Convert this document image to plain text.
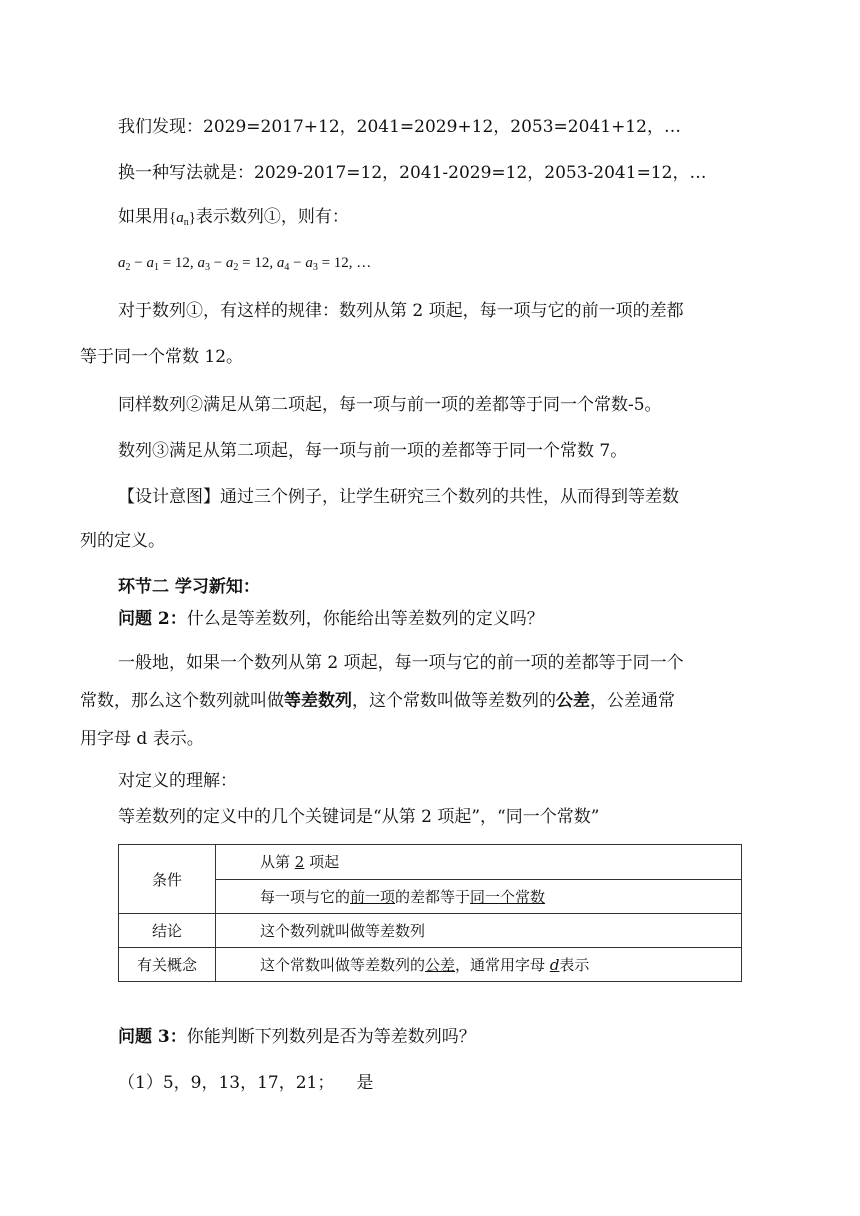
我们发现：2029=2017+12，2041=2029+12，2053=2041+12，…
换一种写法就是：2029-2017=12，2041-2029=12，2053-2041=12，…
如果用$\{a_n\}$表示数列①，则有：
$a_2 - a_1 = 12$, $a_3 - a_2 = 12$, $a_4 - a_3 = 12$, …
对于数列①，有这样的规律：数列从第 2 项起，每一项与它的前一项的差都
等于同一个常数 12。
同样数列②满足从第二项起，每一项与前一项的差都等于同一个常数-5。
数列③满足从第二项起，每一项与前一项的差都等于同一个常数 7。
【设计意图】通过三个例子，让学生研究三个数列的共性，从而得到等差数
列的定义。
环节二 学习新知：
问题 2：什么是等差数列，你能给出等差数列的定义吗？
一般地，如果一个数列从第 2 项起，每一项与它的前一项的差都等于同一个
常数，那么这个数列就叫做等差数列，这个常数叫做等差数列的公差，公差通常
用字母 d 表示。
对定义的理解：
等差数列的定义中的几个关键词是“从第 2 项起”，“同一个常数”
条件	从第 2 项起
	每一项与它的前一项的差都等于同一个常数
结论	这个数列就叫做等差数列
有关概念	这个常数叫做等差数列的公差，通常用字母 d表示
问题 3：你能判断下列数列是否为等差数列吗？
（1）5，9，13，17，21； 是
